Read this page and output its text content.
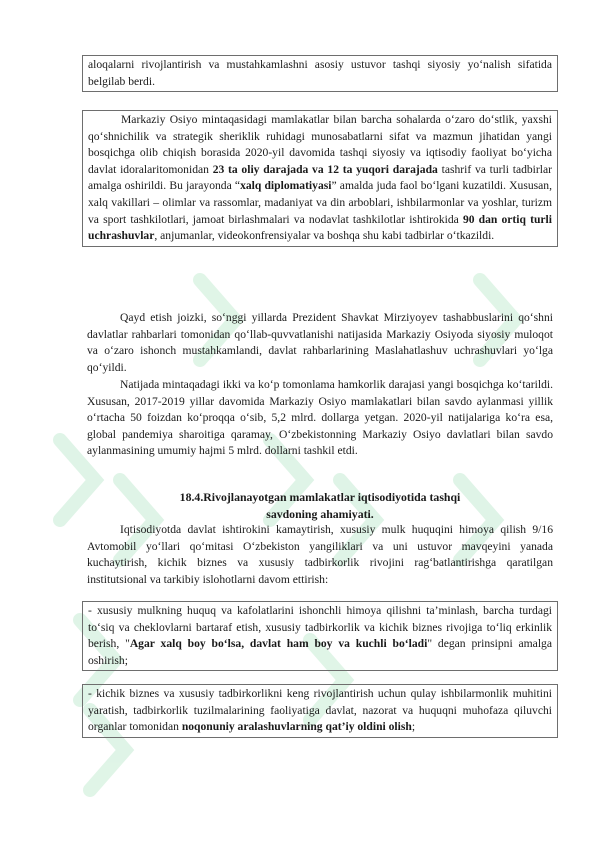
aloqalarni rivojlantirish va mustahkamlashni asosiy ustuvor tashqi siyosiy yo‘nalish sifatida belgilab berdi.

Markaziy Osiyo mintaqasidagi mamlakatlar bilan barcha sohalarda o‘zaro do‘stlik, yaxshi qo‘shnichilik va strategik sheriklik ruhidagi munosabatlarni sifat va mazmun jihatidan yangi bosqichga olib chiqish borasida 2020-yil davomida tashqi siyosiy va iqtisodiy faoliyat bo‘yicha davlat idoralaritomonidan 23 ta oliy darajada va 12 ta yuqori darajada tashrif va turli tadbirlar amalga oshirildi. Bu jarayonda “xalq diplomatiyasi” amalda juda faol bo‘lgani kuzatildi. Xususan, xalq vakillari – olimlar va rassomlar, madaniyat va din arboblari, ishbilarmonlar va yoshlar, turizm va sport tashkilotlari, jamoat birlashmalari va nodavlat tashkilotlar ishtirokida 90 dan ortiq turli uchrashuvlar, anjumanlar, videokonfrensiyalar va boshqa shu kabi tadbirlar o‘tkazildi.

Qayd etish joizki, so‘nggi yillarda Prezident Shavkat Mirziyoyev tashabbuslarini qo‘shni davlatlar rahbarlari tomonidan qo‘llab-quvvatlanishi natijasida Markaziy Osiyoda siyosiy muloqot va o‘zaro ishonch mustahkamlandi, davlat rahbarlarining Maslahatlashuv uchrashuvlari yo‘lga qo‘yildi.

Natijada mintaqadagi ikki va ko‘p tomonlama hamkorlik darajasi yangi bosqichga ko‘tarildi. Xususan, 2017-2019 yillar davomida Markaziy Osiyo mamlakatlari bilan savdo aylanmasi yillik o‘rtacha 50 foizdan ko‘proqqa o‘sib, 5,2 mlrd. dollarga yetgan. 2020-yil natijalariga ko‘ra esa, global pandemiya sharoitiga qaramay, O‘zbekistonning Markaziy Osiyo davlatlari bilan savdo aylanmasining umumiy hajmi 5 mlrd. dollarni tashkil etdi.

18.4.Rivojlanayotgan mamlakatlar iqtisodiyotida tashqi
savdoning ahamiyati.

Iqtisodiyotda davlat ishtirokini kamaytirish, xususiy mulk huquqini himoya qilish 9/16 Avtomobil yo‘llari qo‘mitasi O‘zbekiston yangiliklari va uni ustuvor mavqeyini yanada kuchaytirish, kichik biznes va xususiy tadbirkorlik rivojini rag‘batlantirishga qaratilgan institutsional va tarkibiy islohotlarni davom ettirish:

- xususiy mulkning huquq va kafolatlarini ishonchli himoya qilishni ta’minlash, barcha turdagi to‘siq va cheklovlarni bartaraf etish, xususiy tadbirkorlik va kichik biznes rivojiga to‘liq erkinlik berish, "Agar xalq boy bo‘lsa, davlat ham boy va kuchli bo‘ladi" degan prinsipni amalga oshirish;

- kichik biznes va xususiy tadbirkorlikni keng rivojlantirish uchun qulay ishbilarmonlik muhitini yaratish, tadbirkorlik tuzilmalarining faoliyatiga davlat, nazorat va huquqni muhofaza qiluvchi organlar tomonidan noqonuniy aralashuvlarning qat’iy oldini olish;
